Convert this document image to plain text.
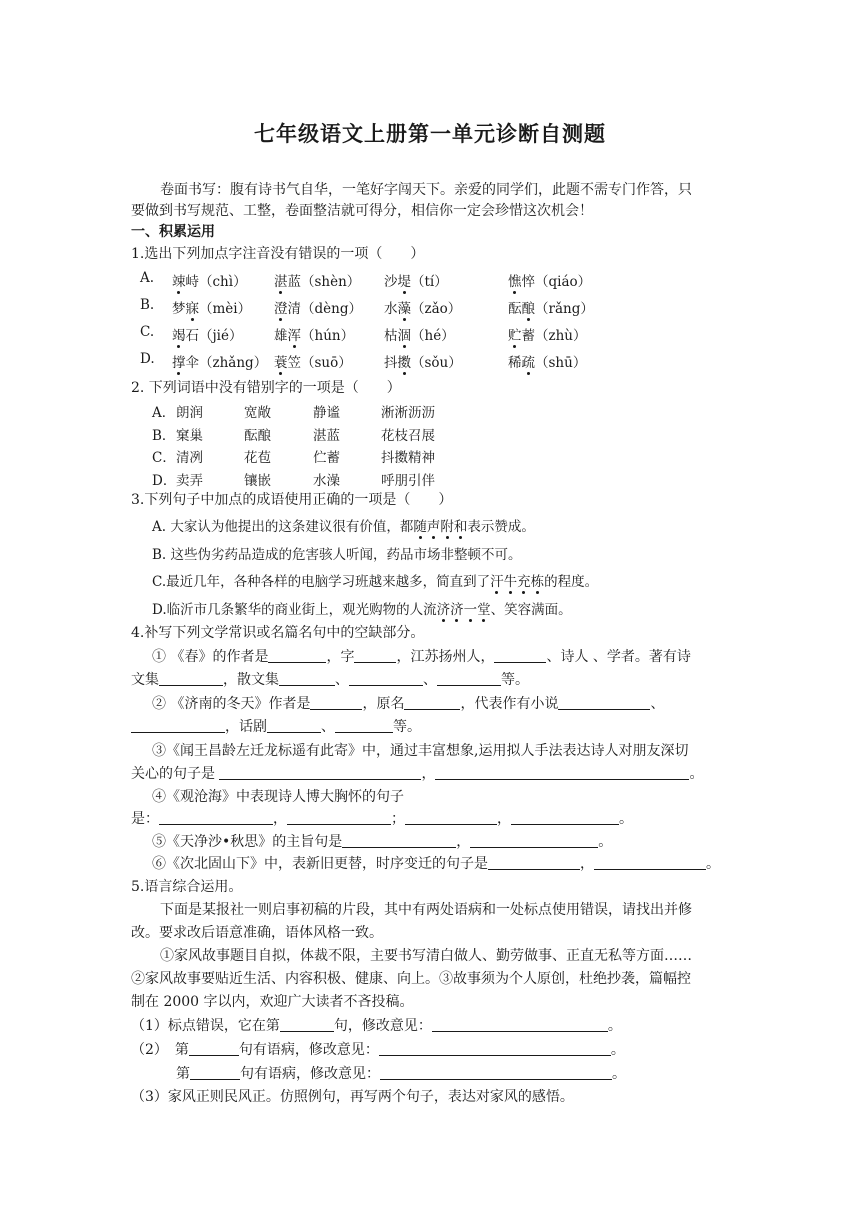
七年级语文上册第一单元诊断自测题
卷面书写：腹有诗书气自华，一笔好字闯天下。亲爱的同学们，此题不需专门作答，只
要做到书写规范、工整，卷面整洁就可得分，相信你一定会珍惜这次机会！
一、积累运用
1.选出下列加点字注音没有错误的一项（　　）
A. 竦峙（chì） 湛蓝（shèn） 沙堤（tí）	憔悴（qiáo）
B. 梦寐（mèi） 澄清（dèng） 水藻（zǎo）	酝酿（rǎng）
C. 竭石（jié） 雄浑（hún） 枯涸（hé）	贮蓄（zhù）
D. 撑伞（zhǎng） 蓑笠（suō） 抖擞（sǒu）	稀疏（shū）
2. 下列词语中没有错别字的一项是（　　）
A． 朗润	宽敞	静谧	淅淅沥沥
B． 窠巢	酝酿	湛蓝	花枝召展
C． 清冽	花苞	伫蓄	抖擞精神
D． 卖弄	镶嵌	水澡	呼朋引伴
3.下列句子中加点的成语使用正确的一项是（　　）
A. 大家认为他提出的这条建议很有价值，都随声附和表示赞成。
B. 这些伪劣药品造成的危害骇人听闻，药品市场非整顿不可。
C.最近几年，各种各样的电脑学习班越来越多，简直到了汗牛充栋的程度。
D.临沂市几条繁华的商业街上，观光购物的人流济济一堂、笑容满面。
4.补写下列文学常识或名篇名句中的空缺部分。
① 《春》的作者是	，字	，江苏扬州人，	、诗人 、学者。著有诗
文集	，散文集	、	、	等。
② 《济南的冬天》作者是	，原名	，代表作有小说	、
，话剧	、	等。
③《闻王昌龄左迁龙标遥有此寄》中，通过丰富想象,运用拟人手法表达诗人对朋友深切
关心的句子是	，	。
④《观沧海》中表现诗人博大胸怀的句子
是：	，	；	，	。
⑤《天净沙•秋思》的主旨句是	，	。
⑥《次北固山下》中，表新旧更替，时序变迁的句子是	，	。
5.语言综合运用。
下面是某报社一则启事初稿的片段，其中有两处语病和一处标点使用错误，请找出并修
改。要求改后语意准确，语体风格一致。
①家风故事题目自拟，体裁不限，主要书写清白做人、勤劳做事、正直无私等方面……
②家风故事要贴近生活、内容积极、健康、向上。③故事须为个人原创，杜绝抄袭，篇幅控
制在 2000 字以内，欢迎广大读者不吝投稿。
（1）标点错误，它在第	句，修改意见：	。
（2）　第	句有语病，修改意见：	。
第	句有语病，修改意见：	。
（3）家风正则民风正。仿照例句，再写两个句子，表达对家风的感悟。
